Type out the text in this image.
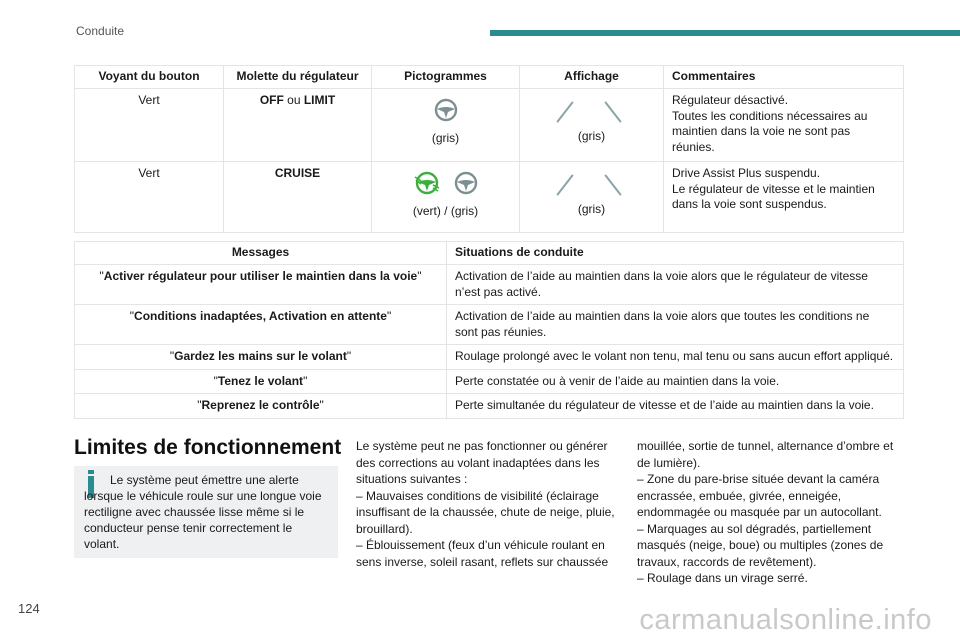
Conduite
Voyant du bouton	Molette du régulateur	Pictogrammes	Affichage	Commentaires
Vert	OFF ou LIMIT	(gris)	(gris)	Régulateur désactivé.
Toutes les conditions nécessaires au maintien dans la voie ne sont pas réunies.

Vert	CRUISE	(vert) / (gris)	(gris)	Drive Assist Plus suspendu.
Le régulateur de vitesse et le maintien dans la voie sont suspendus.
Messages	Situations de conduite
"Activer régulateur pour utiliser le maintien dans la voie"	Activation de l’aide au maintien dans la voie alors que le régulateur de vitesse n’est pas activé.
"Conditions inadaptées, Activation en attente"	Activation de l’aide au maintien dans la voie alors que toutes les conditions ne sont pas réunies.
"Gardez les mains sur le volant"	Roulage prolongé avec le volant non tenu, mal tenu ou sans aucun effort appliqué.
"Tenez le volant"	Perte constatée ou à venir de l’aide au maintien dans la voie.
"Reprenez le contrôle"	Perte simultanée du régulateur de vitesse et de l’aide au maintien dans la voie.
Limites de fonctionnement

Le système peut émettre une alerte lorsque le véhicule roule sur une longue voie rectiligne avec chaussée lisse même si le conducteur pense tenir correctement le volant.

Le système peut ne pas fonctionner ou générer des corrections au volant inadaptées dans les situations suivantes :

– Mauvaises conditions de visibilité (éclairage insuffisant de la chaussée, chute de neige, pluie, brouillard).

– Éblouissement (feux d’un véhicule roulant en sens inverse, soleil rasant, reflets sur chaussée

mouillée, sortie de tunnel, alternance d’ombre et de lumière).

– Zone du pare-brise située devant la caméra encrassée, embuée, givrée, enneigée, endommagée ou masquée par un autocollant.

– Marquages au sol dégradés, partiellement masqués (neige, boue) ou multiples (zones de travaux, raccords de revêtement).

– Roulage dans un virage serré.

124	carmanualsonline.info
